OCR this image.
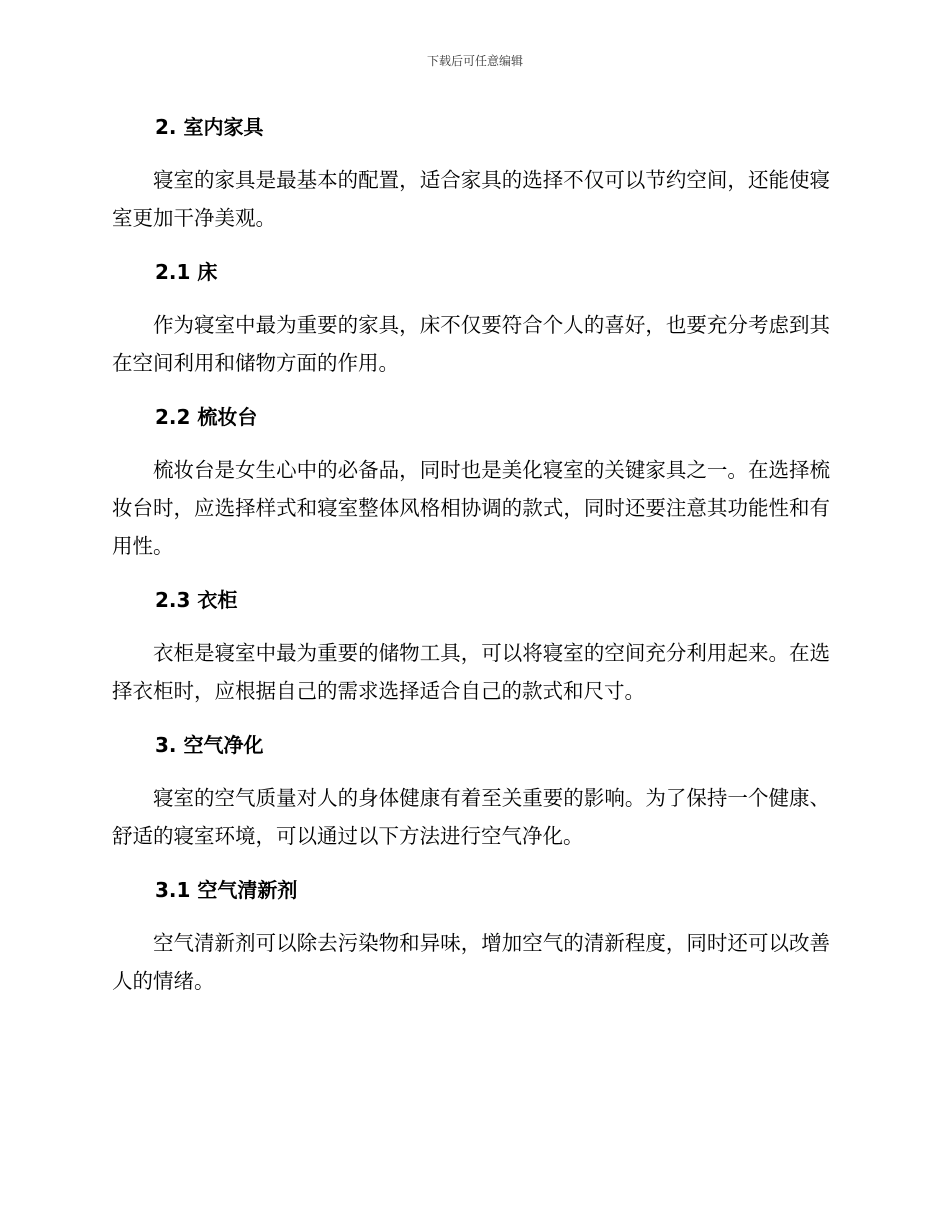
下载后可任意编辑
2. 室内家具

寝室的家具是最基本的配置，适合家具的选择不仅可以节约空间，还能使寝室更加干净美观。

2.1 床

作为寝室中最为重要的家具，床不仅要符合个人的喜好，也要充分考虑到其在空间利用和储物方面的作用。

2.2 梳妆台

梳妆台是女生心中的必备品，同时也是美化寝室的关键家具之一。在选择梳妆台时，应选择样式和寝室整体风格相协调的款式，同时还要注意其功能性和有用性。

2.3 衣柜

衣柜是寝室中最为重要的储物工具，可以将寝室的空间充分利用起来。在选择衣柜时，应根据自己的需求选择适合自己的款式和尺寸。

3. 空气净化

寝室的空气质量对人的身体健康有着至关重要的影响。为了保持一个健康、舒适的寝室环境，可以通过以下方法进行空气净化。

3.1 空气清新剂

空气清新剂可以除去污染物和异味，增加空气的清新程度，同时还可以改善人的情绪。
